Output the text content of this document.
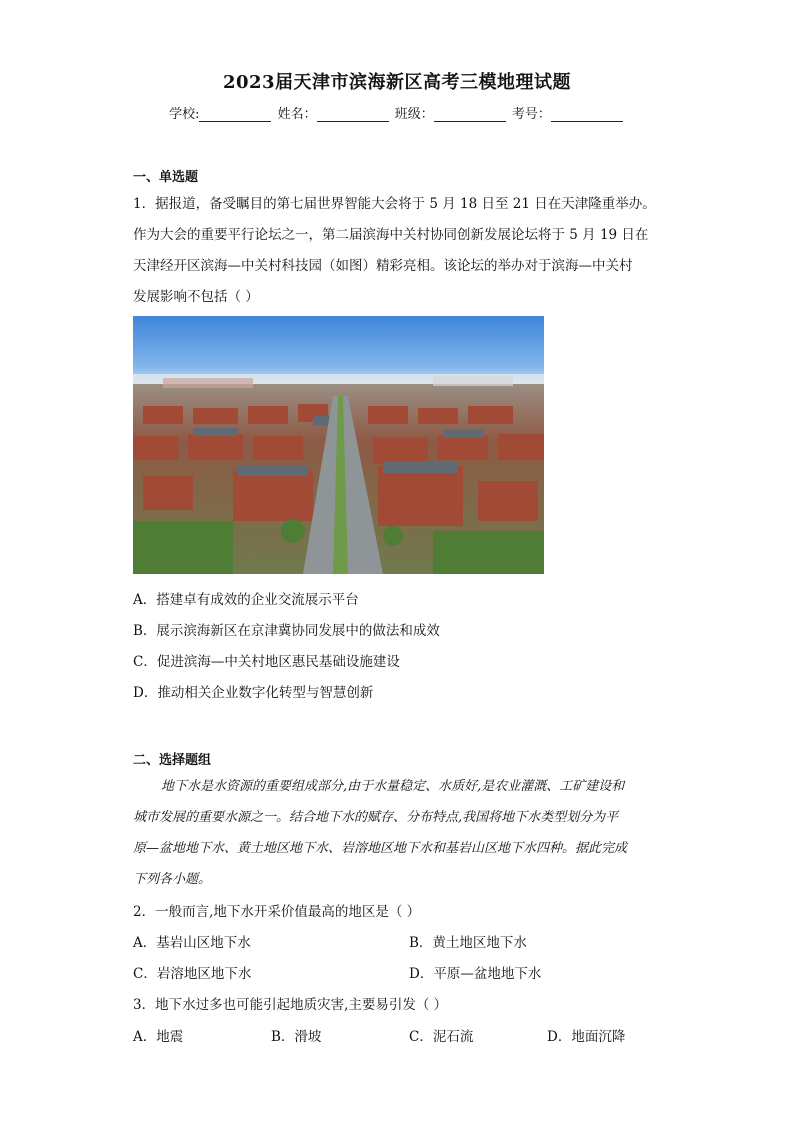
2023届天津市滨海新区高考三模地理试题
学校:	姓名：	班级：	考号：
一、单选题
1．据报道，备受瞩目的第七届世界智能大会将于 5 月 18 日至 21 日在天津隆重举办。
作为大会的重要平行论坛之一，第二届滨海中关村协同创新发展论坛将于 5 月 19 日在
天津经开区滨海—中关村科技园（如图）精彩亮相。该论坛的举办对于滨海—中关村
发展影响不包括（ ）
A．搭建卓有成效的企业交流展示平台
B．展示滨海新区在京津冀协同发展中的做法和成效
C．促进滨海—中关村地区惠民基础设施建设
D．推动相关企业数字化转型与智慧创新
二、选择题组
地下水是水资源的重要组成部分,由于水量稳定、水质好,是农业灌溉、工矿建设和
城市发展的重要水源之一。结合地下水的赋存、分布特点,我国将地下水类型划分为平
原—盆地地下水、黄土地区地下水、岩溶地区地下水和基岩山区地下水四种。据此完成
下列各小题。
2．一般而言,地下水开采价值最高的地区是（ ）
A．基岩山区地下水	B．黄土地区地下水
C．岩溶地区地下水	D．平原—盆地地下水
3．地下水过多也可能引起地质灾害,主要易引发（ ）
A．地震	B．滑坡	C．泥石流	D．地面沉降
